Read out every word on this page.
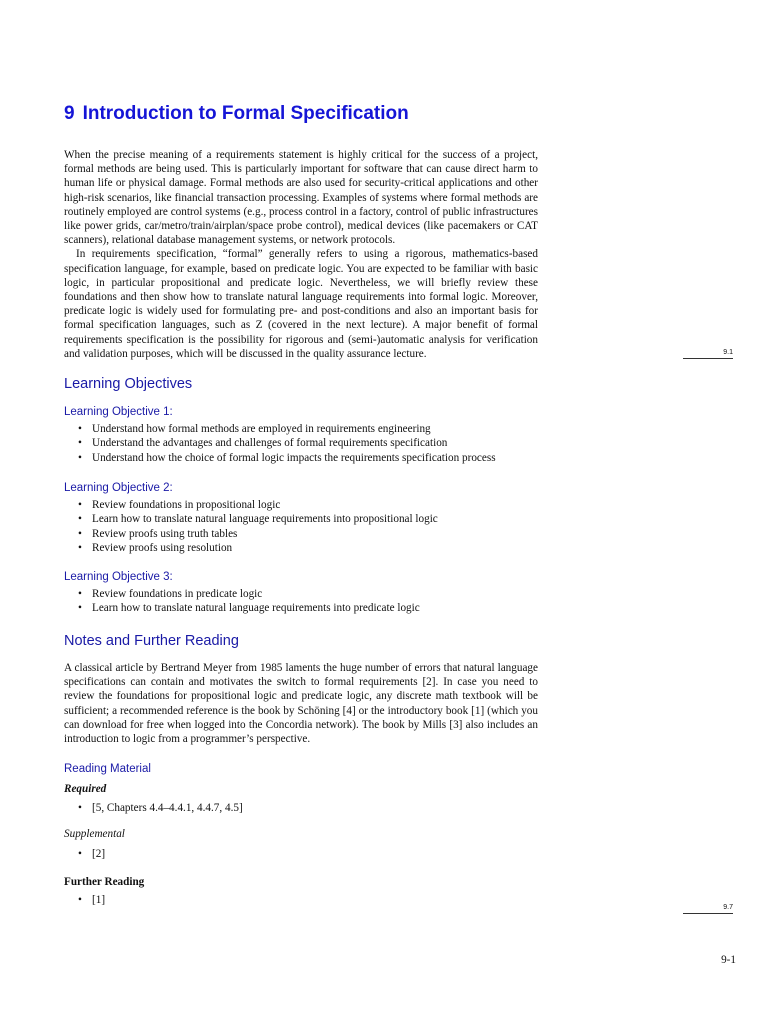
9 Introduction to Formal Specification

When the precise meaning of a requirements statement is highly critical for the success of a project, formal methods are being used. This is particularly important for software that can cause direct harm to human life or physical damage. Formal methods are also used for security-critical applications and other high-risk scenarios, like financial transaction processing. Examples of systems where formal methods are routinely employed are control systems (e.g., process control in a factory, control of public infrastructures like power grids, car/metro/train/airplan/space probe control), medical devices (like pacemakers or CAT scanners), relational database management systems, or network protocols.

In requirements specification, “formal” generally refers to using a rigorous, mathematics-based specification language, for example, based on predicate logic. You are expected to be familiar with basic logic, in particular propositional and predicate logic. Nevertheless, we will briefly review these foundations and then show how to translate natural language requirements into formal logic. Moreover, predicate logic is widely used for formulating pre- and post-conditions and also an important basis for formal specification languages, such as Z (covered in the next lecture). A major benefit of formal requirements specification is the possibility for rigorous and (semi-)automatic analysis for verification and validation purposes, which will be discussed in the quality assurance lecture.	9.1
Learning Objectives
Learning Objective 1:
• Understand how formal methods are employed in requirements engineering
• Understand the advantages and challenges of formal requirements specification
• Understand how the choice of formal logic impacts the requirements specification process
Learning Objective 2:
• Review foundations in propositional logic
• Learn how to translate natural language requirements into propositional logic
• Review proofs using truth tables
• Review proofs using resolution
Learning Objective 3:
• Review foundations in predicate logic
• Learn how to translate natural language requirements into predicate logic
Notes and Further Reading

A classical article by Bertrand Meyer from 1985 laments the huge number of errors that natural language specifications can contain and motivates the switch to formal requirements [2]. In case you need to review the foundations for propositional logic and predicate logic, any discrete math textbook will be sufficient; a recommended reference is the book by Schöning [4] or the introductory book [1] (which you can download for free when logged into the Concordia network). The book by Mills [3] also includes an introduction to logic from a programmer’s perspective.

Reading Material

Required

• [5, Chapters 4.4–4.4.1, 4.4.7, 4.5]

Supplemental

• [2]

Further Reading

• [1]
9.7
9-1
